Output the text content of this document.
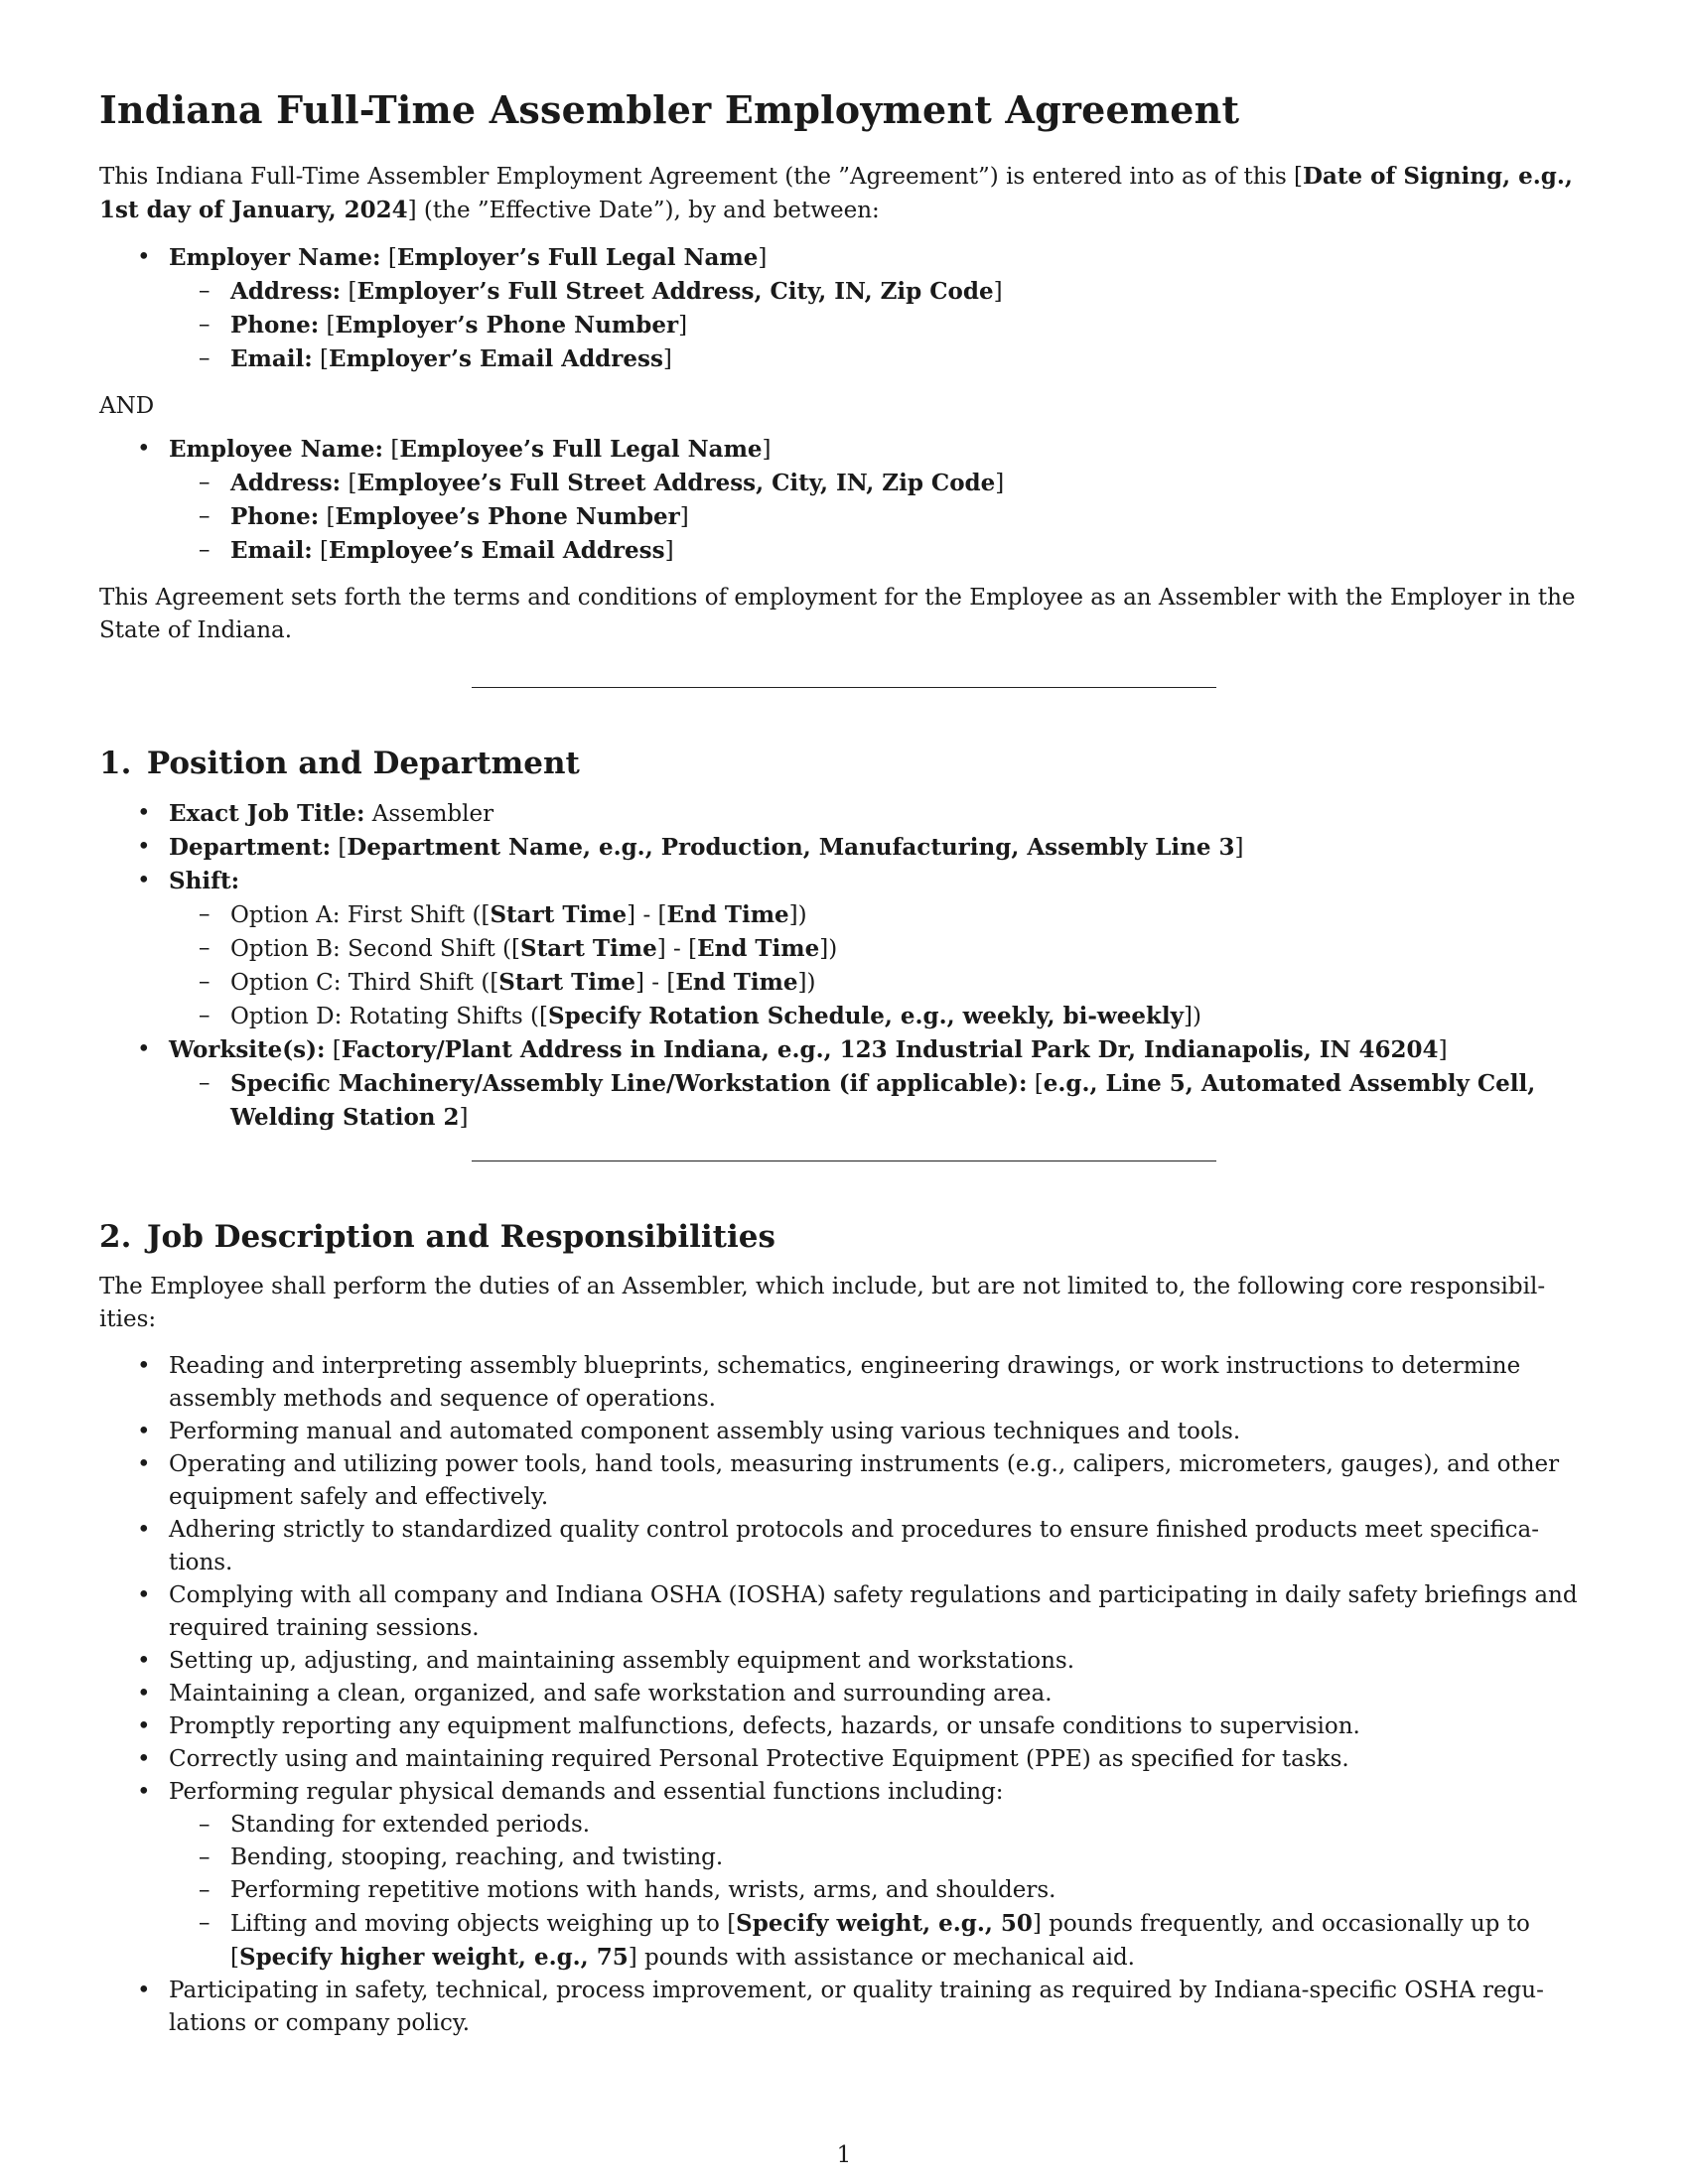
Indiana Full-Time Assembler Employment Agreement

This Indiana Full-Time Assembler Employment Agreement (the ”Agreement”) is entered into as of this [Date of Signing, e.g., 1st day of January, 2024] (the ”Effective Date”), by and between:

• Employer Name: [Employer’s Full Legal Name]
– Address: [Employer’s Full Street Address, City, IN, Zip Code]
– Phone: [Employer’s Phone Number]
– Email: [Employer’s Email Address]

AND

• Employee Name: [Employee’s Full Legal Name]
– Address: [Employee’s Full Street Address, City, IN, Zip Code]
– Phone: [Employee’s Phone Number]
– Email: [Employee’s Email Address]

This Agreement sets forth the terms and conditions of employment for the Employee as an Assembler with the Employer in the State of Indiana.

1. Position and Department
• Exact Job Title: Assembler
• Department: [Department Name, e.g., Production, Manufacturing, Assembly Line 3]
• Shift:
– Option A: First Shift ([Start Time] - [End Time])
– Option B: Second Shift ([Start Time] - [End Time])
– Option C: Third Shift ([Start Time] - [End Time])
– Option D: Rotating Shifts ([Specify Rotation Schedule, e.g., weekly, bi-weekly])
• Worksite(s): [Factory/Plant Address in Indiana, e.g., 123 Industrial Park Dr, Indianapolis, IN 46204]
– Specific Machinery/Assembly Line/Workstation (if applicable): [e.g., Line 5, Automated Assembly Cell, Welding Station 2]
2. Job Description and Responsibilities

The Employee shall perform the duties of an Assembler, which include, but are not limited to, the following core responsibil-ities:

• Reading and interpreting assembly blueprints, schematics, engineering drawings, or work instructions to determine assembly methods and sequence of operations.
• Performing manual and automated component assembly using various techniques and tools.
• Operating and utilizing power tools, hand tools, measuring instruments (e.g., calipers, micrometers, gauges), and other equipment safely and effectively.
• Adhering strictly to standardized quality control protocols and procedures to ensure finished products meet specifica-tions.
• Complying with all company and Indiana OSHA (IOSHA) safety regulations and participating in daily safety briefings and required training sessions.
• Setting up, adjusting, and maintaining assembly equipment and workstations.
• Maintaining a clean, organized, and safe workstation and surrounding area.
• Promptly reporting any equipment malfunctions, defects, hazards, or unsafe conditions to supervision.
• Correctly using and maintaining required Personal Protective Equipment (PPE) as specified for tasks.
• Performing regular physical demands and essential functions including:
– Standing for extended periods.
– Bending, stooping, reaching, and twisting.
– Performing repetitive motions with hands, wrists, arms, and shoulders.
– Lifting and moving objects weighing up to [Specify weight, e.g., 50] pounds frequently, and occasionally up to [Specify higher weight, e.g., 75] pounds with assistance or mechanical aid.
• Participating in safety, technical, process improvement, or quality training as required by Indiana-specific OSHA regu-lations or company policy.
1
